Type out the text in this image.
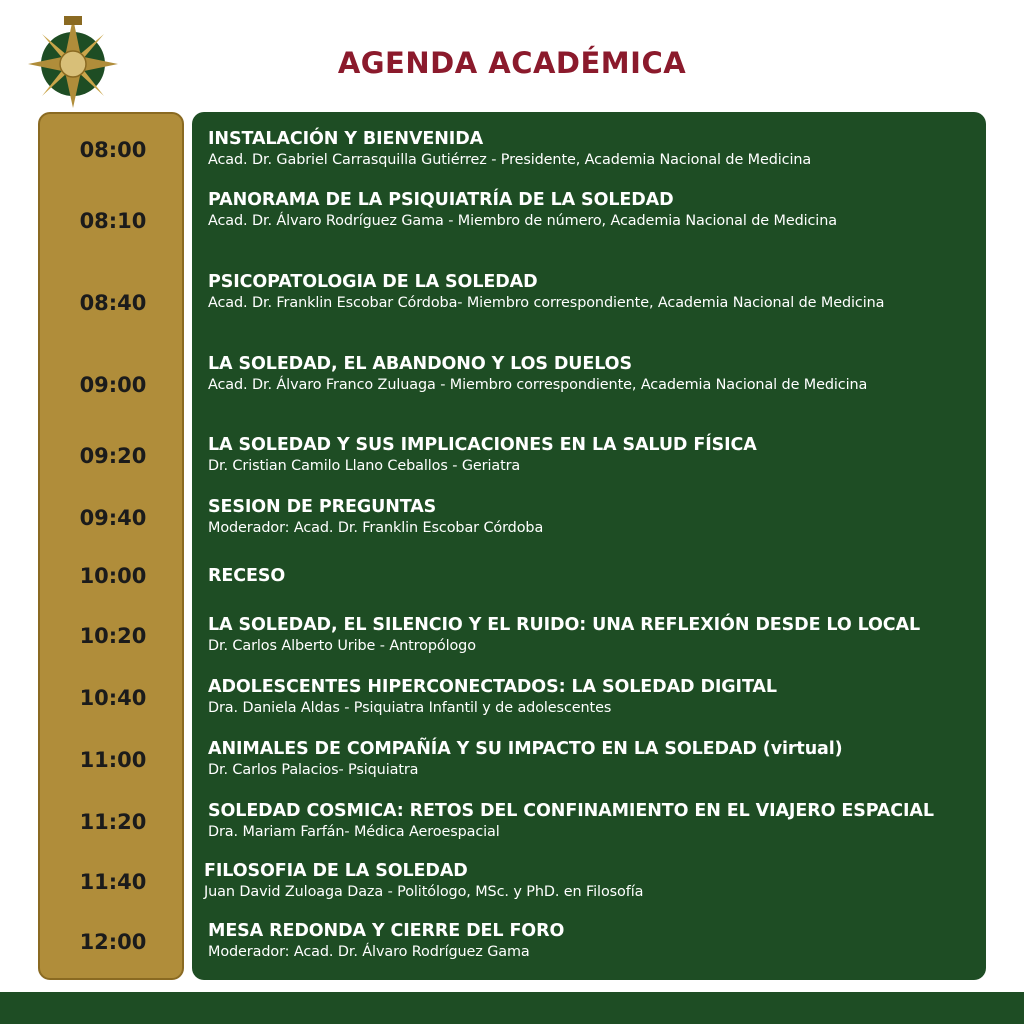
AGENDA ACADÉMICA
08:00
08:10
08:40
09:00
09:20
09:40
10:00
10:20
10:40
11:00
11:20
11:40
12:00
INSTALACIÓN Y BIENVENIDA
Acad. Dr. Gabriel Carrasquilla Gutiérrez - Presidente, Academia Nacional de Medicina
PANORAMA DE LA PSIQUIATRÍA DE LA SOLEDAD
Acad. Dr. Álvaro Rodríguez Gama - Miembro de número, Academia Nacional de Medicina
PSICOPATOLOGIA DE LA SOLEDAD
Acad. Dr. Franklin Escobar Córdoba- Miembro correspondiente, Academia Nacional de Medicina
LA SOLEDAD, EL ABANDONO Y LOS DUELOS
Acad. Dr. Álvaro Franco Zuluaga - Miembro correspondiente, Academia Nacional de Medicina
LA SOLEDAD Y SUS IMPLICACIONES EN LA SALUD FÍSICA
Dr. Cristian Camilo Llano Ceballos - Geriatra
SESION DE PREGUNTAS
Moderador: Acad. Dr. Franklin Escobar Córdoba
RECESO
LA SOLEDAD, EL SILENCIO Y EL RUIDO: UNA REFLEXIÓN DESDE LO LOCAL
Dr. Carlos Alberto Uribe - Antropólogo
ADOLESCENTES HIPERCONECTADOS: LA SOLEDAD DIGITAL
Dra. Daniela Aldas - Psiquiatra Infantil y de adolescentes
ANIMALES DE COMPAÑÍA Y SU IMPACTO EN LA SOLEDAD (virtual)
Dr. Carlos Palacios- Psiquiatra
SOLEDAD COSMICA: RETOS DEL CONFINAMIENTO EN EL VIAJERO ESPACIAL
Dra. Mariam Farfán- Médica Aeroespacial
FILOSOFIA DE LA SOLEDAD
Juan David Zuloaga Daza - Politólogo, MSc. y PhD. en Filosofía
MESA REDONDA Y CIERRE DEL FORO
Moderador: Acad. Dr. Álvaro Rodríguez Gama
